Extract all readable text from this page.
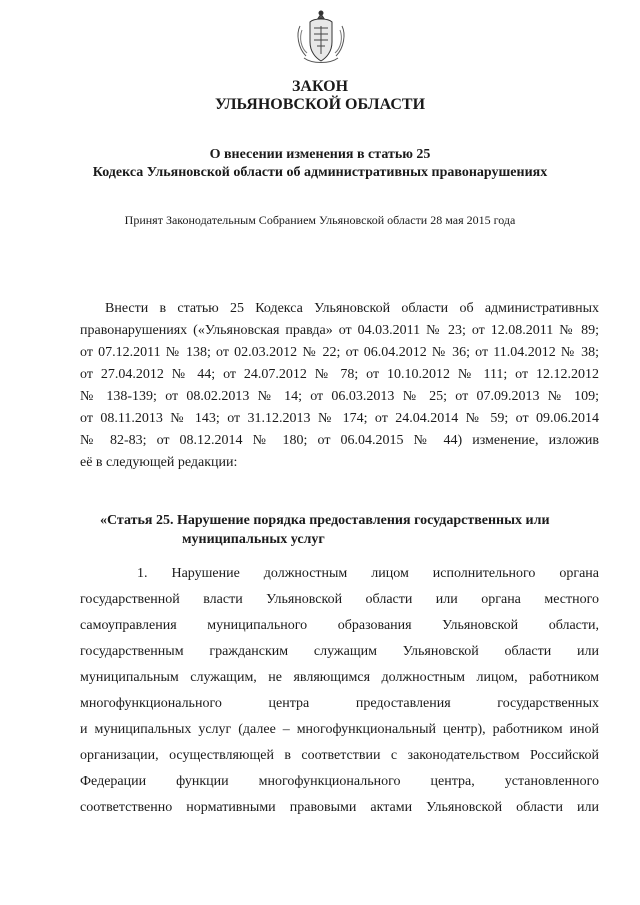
ЗАКОН

УЛЬЯНОВСКОЙ ОБЛАСТИ

О внесении изменения в статью 25

Кодекса Ульяновской области об административных правонарушениях

Принят Законодательным Собранием Ульяновской области 28 мая 2015 года

Внести в статью 25 Кодекса Ульяновской области об административных
правонарушениях («Ульяновская правда» от 04.03.2011 № 23; от 12.08.2011 № 89;
от 07.12.2011 № 138; от 02.03.2012 № 22; от 06.04.2012 № 36; от 11.04.2012 № 38;
от 27.04.2012 № 44; от 24.07.2012 № 78; от 10.10.2012 № 111; от 12.12.2012
№ 138-139; от 08.02.2013 № 14; от 06.03.2013 № 25; от 07.09.2013 № 109;
от 08.11.2013 № 143; от 31.12.2013 № 174; от 24.04.2014 № 59; от 09.06.2014
№ 82-83; от 08.12.2014 № 180; от 06.04.2015 № 44) изменение, изложив
её в следующей редакции:
«Статья 25. Нарушение порядка предоставления государственных или
муниципальных услуг
1. Нарушение должностным лицом исполнительного органа
государственной власти Ульяновской области или органа местного
самоуправления муниципального образования Ульяновской области,
государственным гражданским служащим Ульяновской области или
муниципальным служащим, не являющимся должностным лицом, работником
многофункционального центра предоставления государственных
и муниципальных услуг (далее – многофункциональный центр), работником иной
организации, осуществляющей в соответствии с законодательством Российской
Федерации функции многофункционального центра, установленного
соответственно нормативными правовыми актами Ульяновской области или
